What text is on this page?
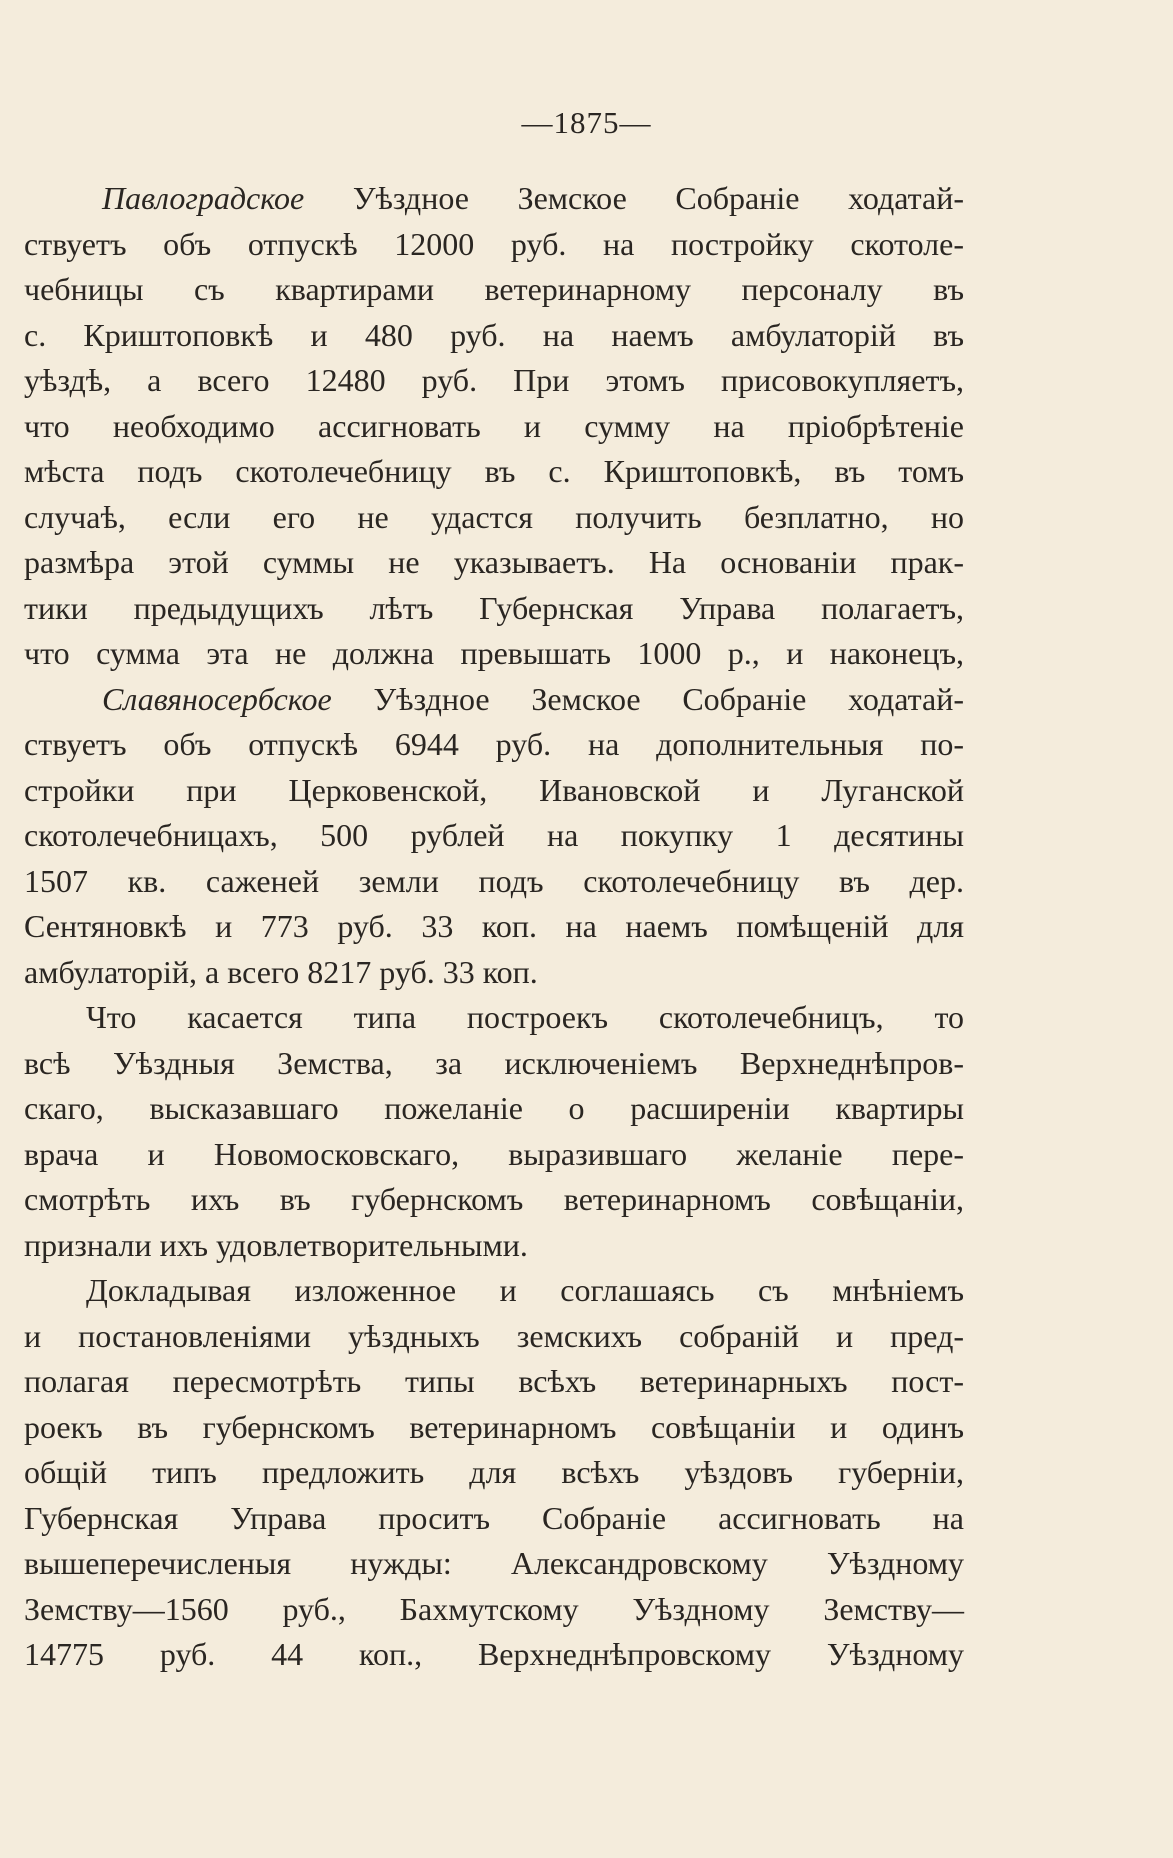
—1875—
Павлоградское Уѣздное Земское Собраніе ходатай-
ствуетъ объ отпускѣ 12000 руб. на постройку скотоле-
чебницы съ квартирами ветеринарному персоналу въ
с. Криштоповкѣ и 480 руб. на наемъ амбулаторій въ
уѣздѣ, а всего 12480 руб. При этомъ присовокупляетъ,
что необходимо ассигновать и сумму на пріобрѣтеніе
мѣста подъ скотолечебницу въ с. Криштоповкѣ, въ томъ
случаѣ, если его не удастся получить безплатно, но
размѣра этой суммы не указываетъ. На основаніи прак-
тики предыдущихъ лѣтъ Губернская Управа полагаетъ,
что сумма эта не должна превышать 1000 р., и наконецъ,
Славяносербское Уѣздное Земское Собраніе ходатай-
ствуетъ объ отпускѣ 6944 руб. на дополнительныя по-
стройки при Церковенской, Ивановской и Луганской
скотолечебницахъ, 500 рублей на покупку 1 десятины
1507 кв. саженей земли подъ скотолечебницу въ дер.
Сентяновкѣ и 773 руб. 33 коп. на наемъ помѣщеній для
амбулаторій, а всего 8217 руб. 33 коп.
Что касается типа построекъ скотолечебницъ, то
всѣ Уѣздныя Земства, за исключеніемъ Верхнеднѣпров-
скаго, высказавшаго пожеланіе о расширеніи квартиры
врача и Новомосковскаго, выразившаго желаніе пере-
смотрѣть ихъ въ губернскомъ ветеринарномъ совѣщаніи,
признали ихъ удовлетворительными.
Докладывая изложенное и соглашаясь съ мнѣніемъ
и постановленіями уѣздныхъ земскихъ собраній и пред-
полагая пересмотрѣть типы всѣхъ ветеринарныхъ пост-
роекъ въ губернскомъ ветеринарномъ совѣщаніи и одинъ
общій типъ предложить для всѣхъ уѣздовъ губерніи,
Губернская Управа проситъ Собраніе ассигновать на
вышеперечисленыя нужды: Александровскому Уѣздному
Земству—1560 руб., Бахмутскому Уѣздному Земству—
14775 руб. 44 коп., Верхнеднѣпровскому Уѣздному
